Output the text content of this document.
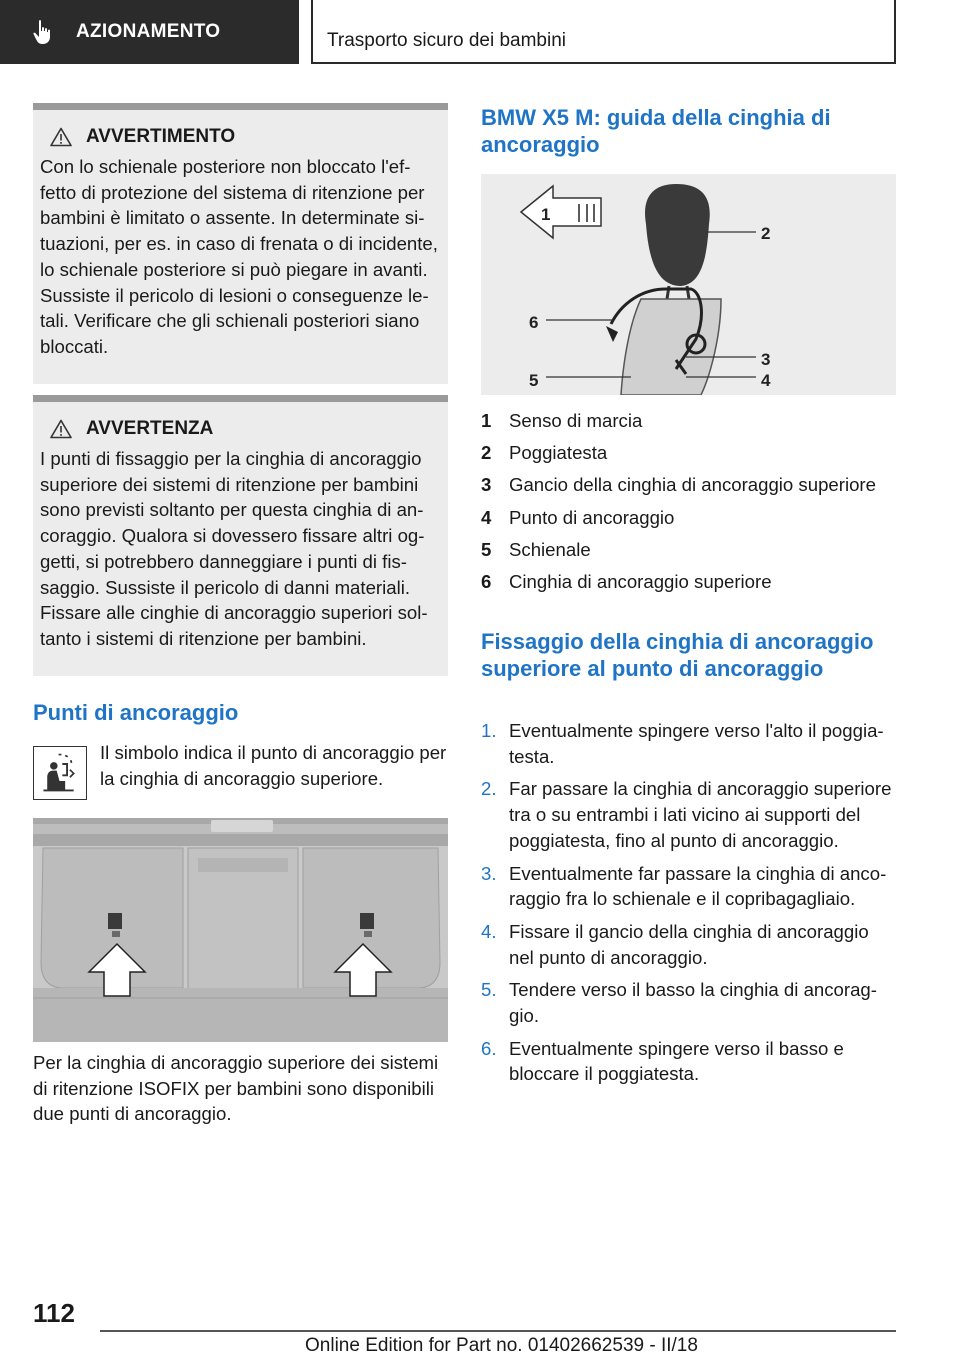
AZIONAMENTO	Trasporto sicuro dei bambini
AVVERTIMENTO

Con lo schienale posteriore non bloccato l'effetto di protezione del sistema di ritenzione per bambini è limitato o assente. In determinate situazioni, per es. in caso di frenata o di incidente, lo schienale posteriore si può piegare in avanti. Sussiste il pericolo di lesioni o conseguenze letali. Verificare che gli schienali posteriori siano bloccati.

AVVERTENZA

I punti di fissaggio per la cinghia di ancoraggio superiore dei sistemi di ritenzione per bambini sono previsti soltanto per questa cinghia di ancoraggio. Qualora si dovessero fissare altri oggetti, si potrebbero danneggiare i punti di fissaggio. Sussiste il pericolo di danni materiali. Fissare alle cinghie di ancoraggio superiori soltanto i sistemi di ritenzione per bambini.

Punti di ancoraggio
Il simbolo indica il punto di ancoraggio per la cinghia di ancoraggio superiore.
Per la cinghia di ancoraggio superiore dei sistemi di ritenzione ISOFIX per bambini sono disponibili due punti di ancoraggio.
BMW X5 M: guida della cinghia di ancoraggio
1
2
6
3
4
5
1 Senso di marcia
2 Poggiatesta
3 Gancio della cinghia di ancoraggio superiore
4 Punto di ancoraggio
5 Schienale
6 Cinghia di ancoraggio superiore
Fissaggio della cinghia di ancoraggio superiore al punto di ancoraggio
1. Eventualmente spingere verso l'alto il poggiatesta.
2. Far passare la cinghia di ancoraggio superiore tra o su entrambi i lati vicino ai supporti del poggiatesta, fino al punto di ancoraggio.
3. Eventualmente far passare la cinghia di ancoraggio fra lo schienale e il copribagagliaio.
4. Fissare il gancio della cinghia di ancoraggio nel punto di ancoraggio.
5. Tendere verso il basso la cinghia di ancoraggio.
6. Eventualmente spingere verso il basso e bloccare il poggiatesta.
112
Online Edition for Part no. 01402662539 - II/18
